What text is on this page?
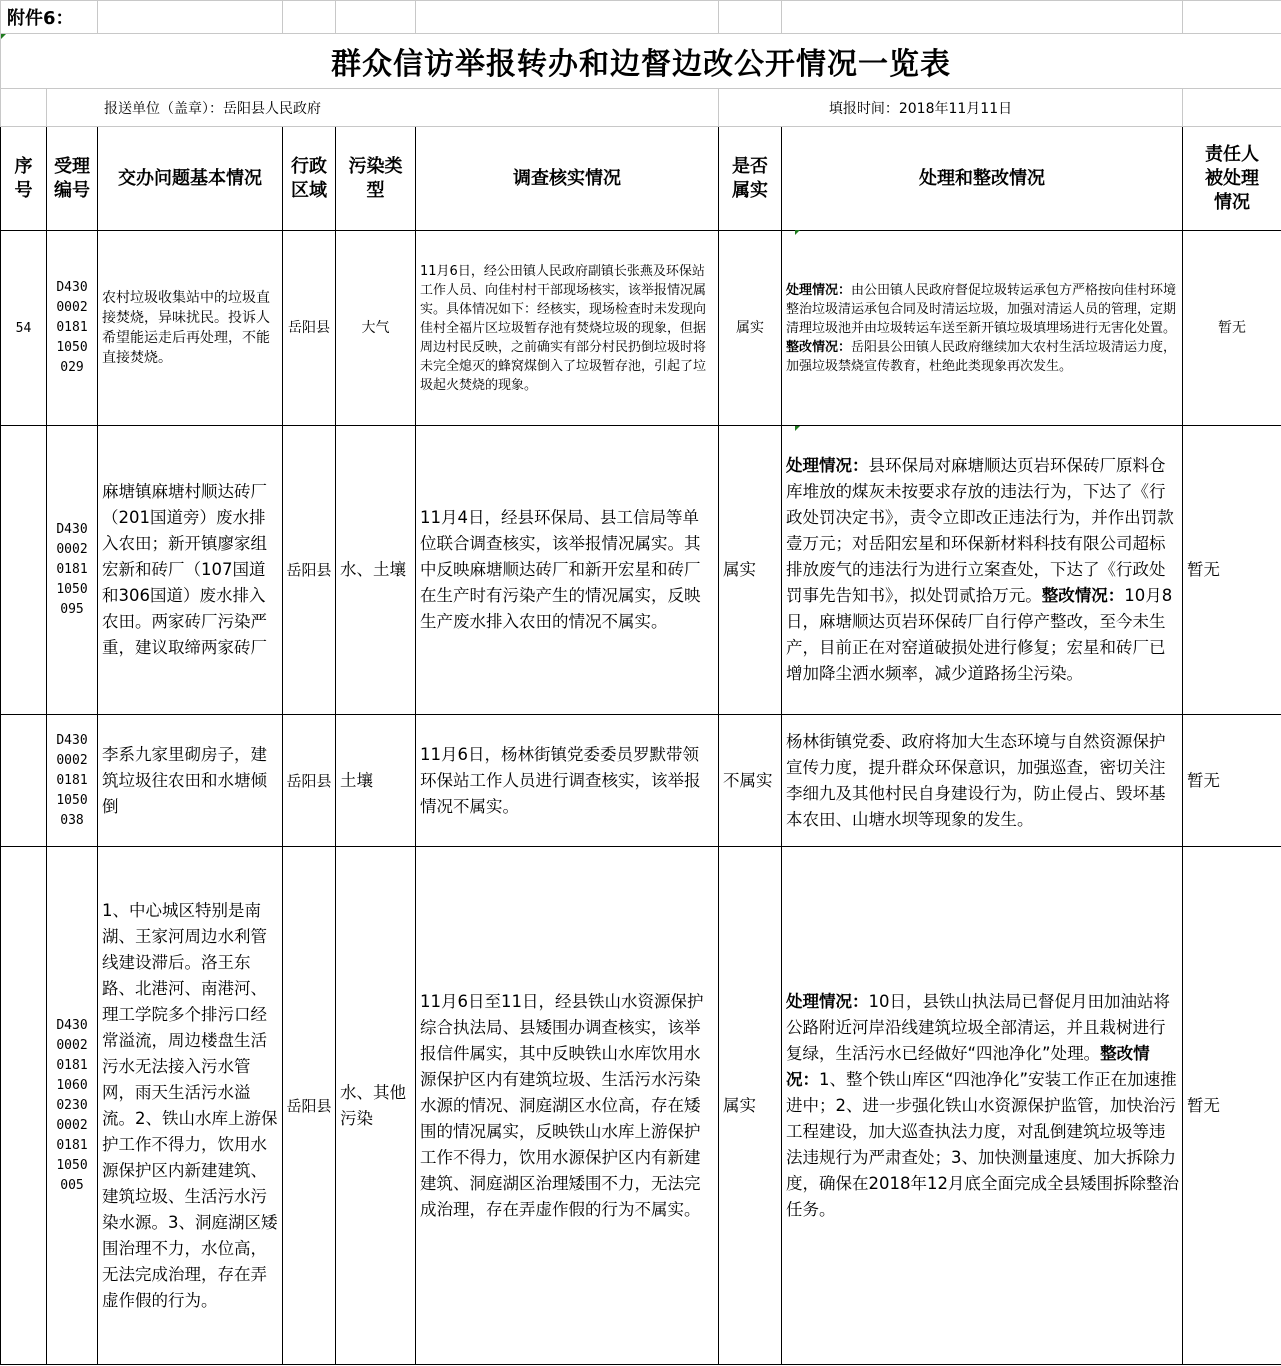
附件6：								
群众信访举报转办和边督边改公开情况一览表								
	报送单位（盖章）：岳阳县人民政府					填报时间：2018年11月11日		
序号	受理编号	交办问题基本情况	行政区域	污染类型	调查核实情况	是否属实	处理和整改情况	责任人被处理情况
54	D430 0002 0181 1050 029	农村垃圾收集站中的垃圾直接焚烧，异味扰民。投诉人希望能运走后再处理，不能直接焚烧。	岳阳县	大气	11月6日，经公田镇人民政府副镇长张燕及环保站工作人员、向佳村村干部现场核实，该举报情况属实。具体情况如下：经核实，现场检查时未发现向佳村全福片区垃圾暂存池有焚烧垃圾的现象，但据周边村民反映，之前确实有部分村民扔倒垃圾时将未完全熄灭的蜂窝煤倒入了垃圾暂存池，引起了垃圾起火焚烧的现象。	属实	处理情况：由公田镇人民政府督促垃圾转运承包方严格按向佳村环境整治垃圾清运承包合同及时清运垃圾，加强对清运人员的管理，定期清理垃圾池并由垃圾转运车送至新开镇垃圾填埋场进行无害化处置。整改情况：岳阳县公田镇人民政府继续加大农村生活垃圾清运力度，加强垃圾禁烧宣传教育，杜绝此类现象再次发生。	暂无
	D430 0002 0181 1050 095	麻塘镇麻塘村顺达砖厂（201国道旁）废水排入农田；新开镇廖家组宏新和砖厂（107国道和306国道）废水排入农田。两家砖厂污染严重，建议取缔两家砖厂	岳阳县	水、土壤	11月4日，经县环保局、县工信局等单位联合调查核实，该举报情况属实。其中反映麻塘顺达砖厂和新开宏星和砖厂在生产时有污染产生的情况属实，反映生产废水排入农田的情况不属实。	属实	处理情况：县环保局对麻塘顺达页岩环保砖厂原料仓库堆放的煤灰未按要求存放的违法行为，下达了《行政处罚决定书》，责令立即改正违法行为，并作出罚款壹万元；对岳阳宏星和环保新材料科技有限公司超标排放废气的违法行为进行立案查处，下达了《行政处罚事先告知书》，拟处罚贰拾万元。整改情况：10月8日，麻塘顺达页岩环保砖厂自行停产整改，至今未生产，目前正在对窑道破损处进行修复；宏星和砖厂已增加降尘洒水频率，减少道路扬尘污染。	暂无
	D430 0002 0181 1050 038	李系九家里砌房子，建筑垃圾往农田和水塘倾倒	岳阳县	土壤	11月6日，杨林街镇党委委员罗默带领环保站工作人员进行调查核实，该举报情况不属实。	不属实	杨林街镇党委、政府将加大生态环境与自然资源保护宣传力度，提升群众环保意识，加强巡查，密切关注李细九及其他村民自身建设行为，防止侵占、毁坏基本农田、山塘水坝等现象的发生。	暂无
	D430 0002 0181 1060 0230 0002 0181 1050 005	1、中心城区特别是南湖、王家河周边水利管线建设滞后。洛王东路、北港河、南港河、理工学院多个排污口经常溢流，周边楼盘生活污水无法接入污水管网，雨天生活污水溢流。2、铁山水库上游保护工作不得力，饮用水源保护区内新建建筑、建筑垃圾、生活污水污染水源。3、洞庭湖区矮围治理不力，水位高，无法完成治理，存在弄虚作假的行为。	岳阳县	水、其他污染	11月6日至11日，经县铁山水资源保护综合执法局、县矮围办调查核实，该举报信件属实，其中反映铁山水库饮用水源保护区内有建筑垃圾、生活污水污染水源的情况、洞庭湖区水位高，存在矮围的情况属实，反映铁山水库上游保护工作不得力，饮用水源保护区内有新建建筑、洞庭湖区治理矮围不力，无法完成治理，存在弄虚作假的行为不属实。	属实	处理情况：10日，县铁山执法局已督促月田加油站将公路附近河岸沿线建筑垃圾全部清运，并且栽树进行复绿，生活污水已经做好“四池净化”处理。整改情况：1、整个铁山库区“四池净化”安装工作正在加速推进中；2、进一步强化铁山水资源保护监管，加快治污工程建设，加大巡查执法力度，对乱倒建筑垃圾等违法违规行为严肃查处；3、加快测量速度、加大拆除力度，确保在2018年12月底全面完成全县矮围拆除整治任务。	暂无
